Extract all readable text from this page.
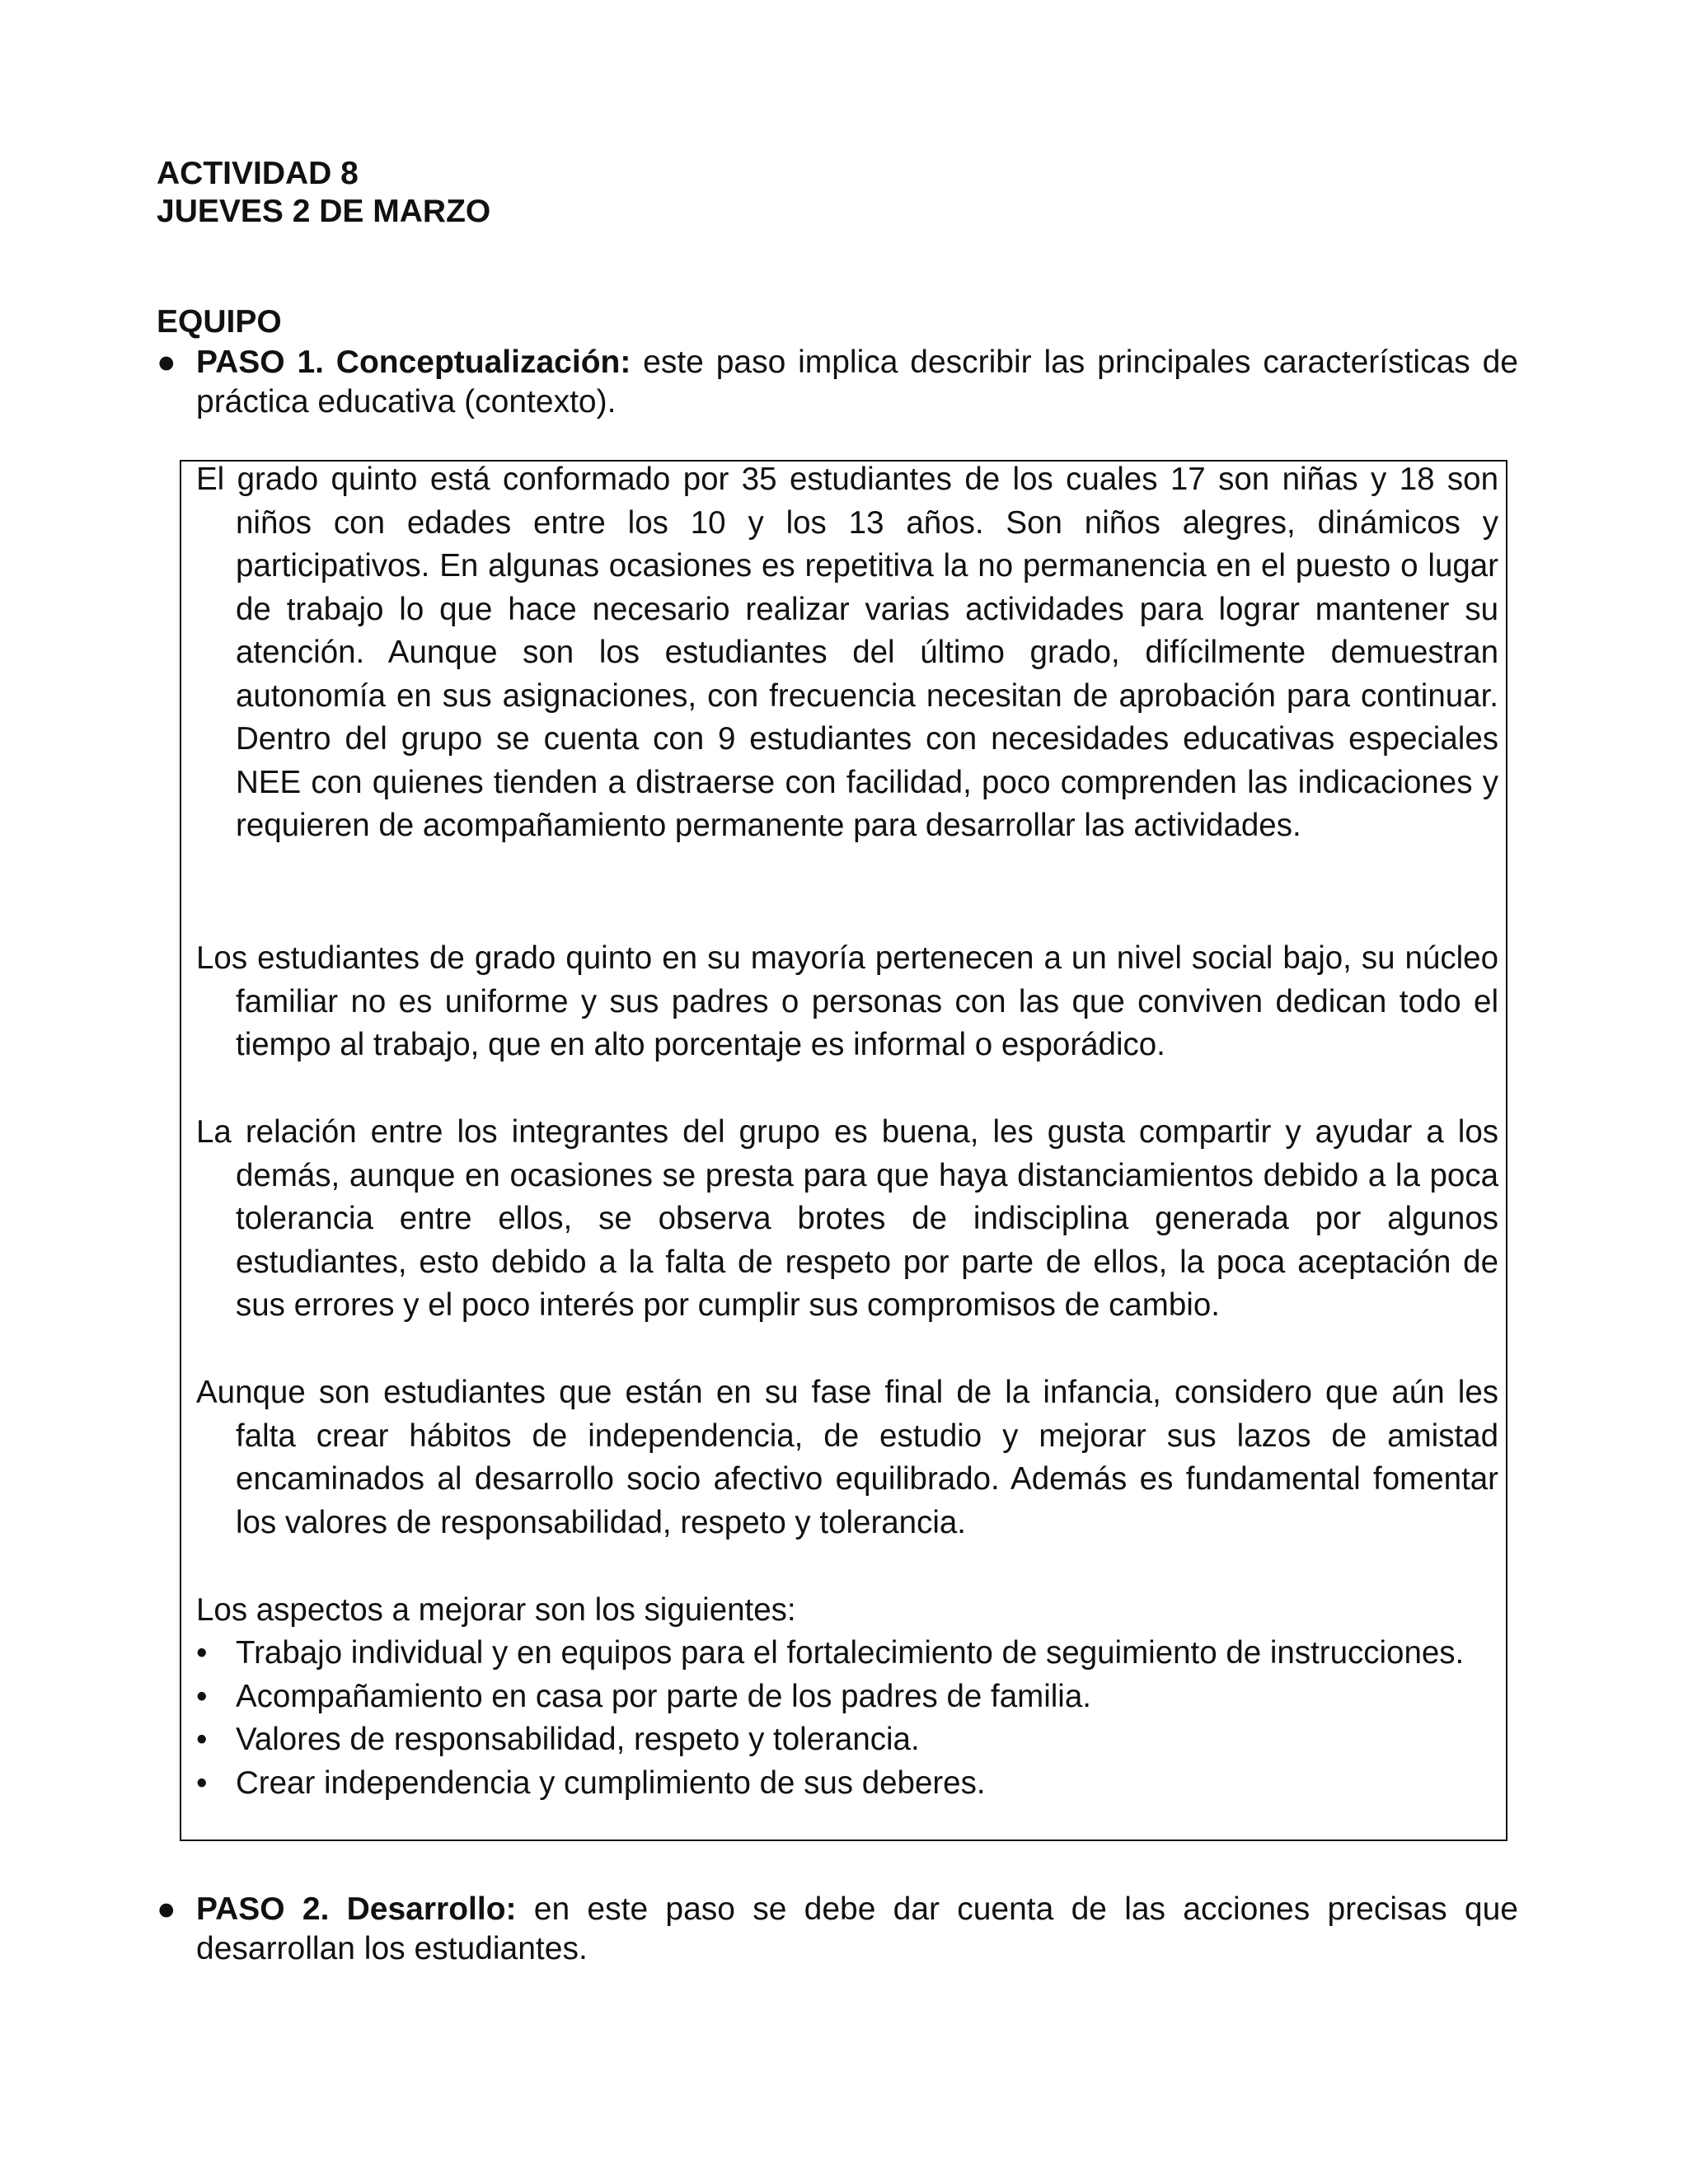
ACTIVIDAD 8

JUEVES 2 DE MARZO

EQUIPO

● PASO 1. Conceptualización: este paso implica describir las principales características de práctica educativa (contexto).

El grado quinto está conformado por 35 estudiantes de los cuales 17 son niñas y 18 son niños con edades entre los 10 y los 13 años. Son niños alegres, dinámicos y participativos. En algunas ocasiones es repetitiva la no permanencia en el puesto o lugar de trabajo lo que hace necesario realizar varias actividades para lograr mantener su atención. Aunque son los estudiantes del último grado, difícilmente demuestran autonomía en sus asignaciones, con frecuencia necesitan de aprobación para continuar. Dentro del grupo se cuenta con 9 estudiantes con necesidades educativas especiales NEE con quienes tienden a distraerse con facilidad, poco comprenden las indicaciones y requieren de acompañamiento permanente para desarrollar las actividades.

Los estudiantes de grado quinto en su mayoría pertenecen a un nivel social bajo, su núcleo familiar no es uniforme y sus padres o personas con las que conviven dedican todo el tiempo al trabajo, que en alto porcentaje es informal o esporádico.

La relación entre los integrantes del grupo es buena, les gusta compartir y ayudar a los demás, aunque en ocasiones se presta para que haya distanciamientos debido a la poca tolerancia entre ellos, se observa brotes de indisciplina generada por algunos estudiantes, esto debido a la falta de respeto por parte de ellos, la poca aceptación de sus errores y el poco interés por cumplir sus compromisos de cambio.

Aunque son estudiantes que están en su fase final de la infancia, considero que aún les falta crear hábitos de independencia, de estudio y mejorar sus lazos de amistad encaminados al desarrollo socio afectivo equilibrado. Además es fundamental fomentar los valores de responsabilidad, respeto y tolerancia.

Los aspectos a mejorar son los siguientes:

• Trabajo individual y en equipos para el fortalecimiento de seguimiento de instrucciones.
• Acompañamiento en casa por parte de los padres de familia.
• Valores de responsabilidad, respeto y tolerancia.
• Crear independencia y cumplimiento de sus deberes.
● PASO 2. Desarrollo: en este paso se debe dar cuenta de las acciones precisas que desarrollan los estudiantes.
